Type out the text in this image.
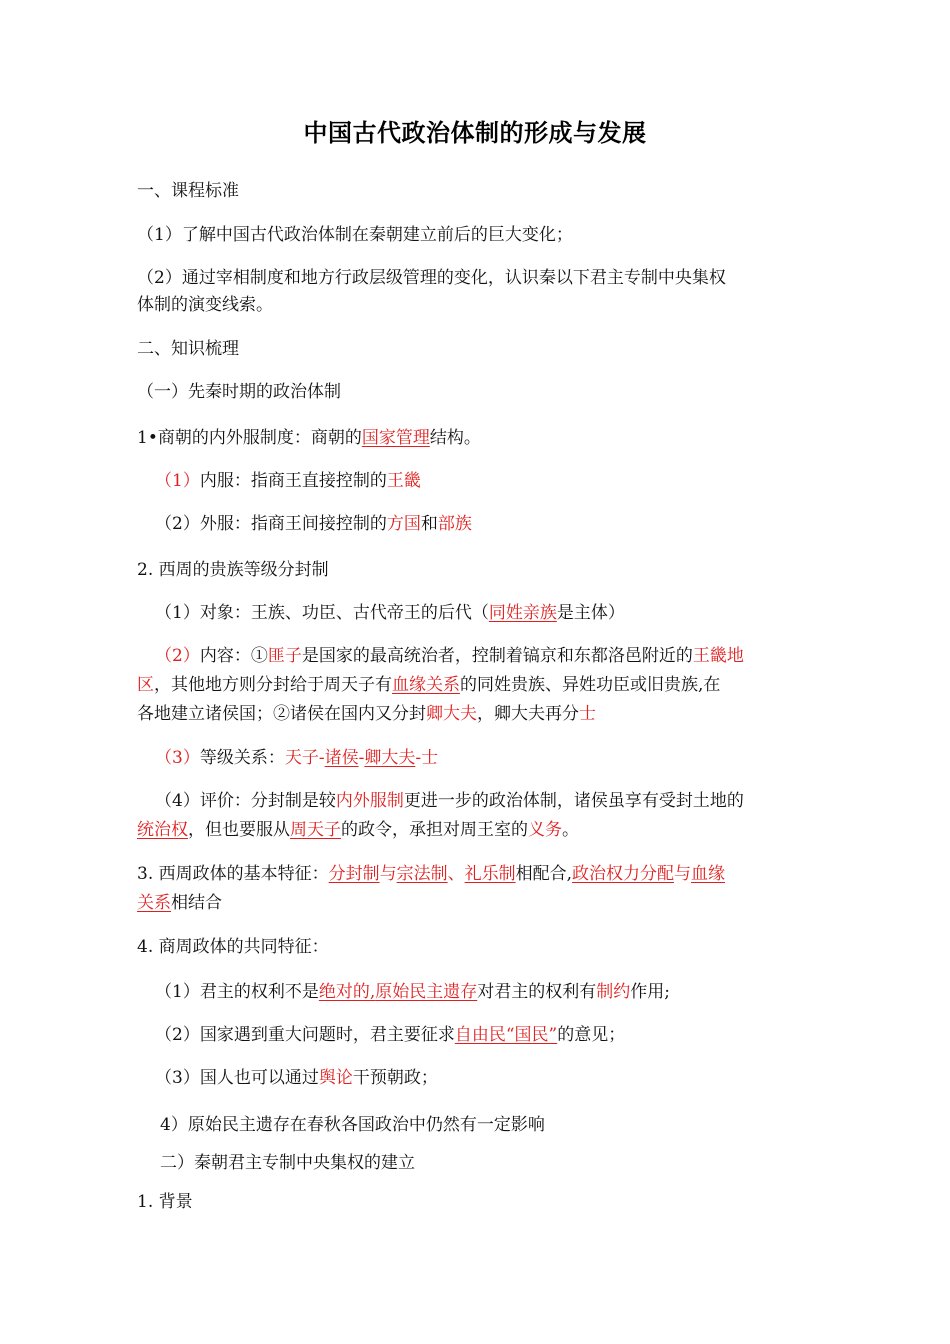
中国古代政治体制的形成与发展
一、课程标准
（1）了解中国古代政治体制在秦朝建立前后的巨大变化；
（2）通过宰相制度和地方行政层级管理的变化，认识秦以下君主专制中央集权
体制的演变线索。
二、知识梳理
（一）先秦时期的政治体制
1•商朝的内外服制度：商朝的国家管理结构。
（1）内服：指商王直接控制的王畿
（2）外服：指商王间接控制的方国和部族
2. 西周的贵族等级分封制
（1）对象：王族、功臣、古代帝王的后代（同姓亲族是主体）
（2）内容：①匪子是国家的最高统治者，控制着镐京和东都洛邑附近的王畿地
区，其他地方则分封给于周天子有血缘关系的同姓贵族、异姓功臣或旧贵族,在
各地建立诸侯国；②诸侯在国内又分封卿大夫，卿大夫再分士
（3）等级关系：天子-诸侯-卿大夫-士
（4）评价：分封制是较内外服制更进一步的政治体制，诸侯虽享有受封土地的
统治权，但也要服从周天子的政令，承担对周王室的义务。
3. 西周政体的基本特征：分封制与宗法制、礼乐制相配合,政治权力分配与血缘
关系相结合
4. 商周政体的共同特征：
（1）君主的权利不是绝对的,原始民主遗存对君主的权利有制约作用;
（2）国家遇到重大问题时，君主要征求自由民“国民”的意见；
（3）国人也可以通过舆论干预朝政；
4）原始民主遗存在春秋各国政治中仍然有一定影响
二）秦朝君主专制中央集权的建立
1. 背景
